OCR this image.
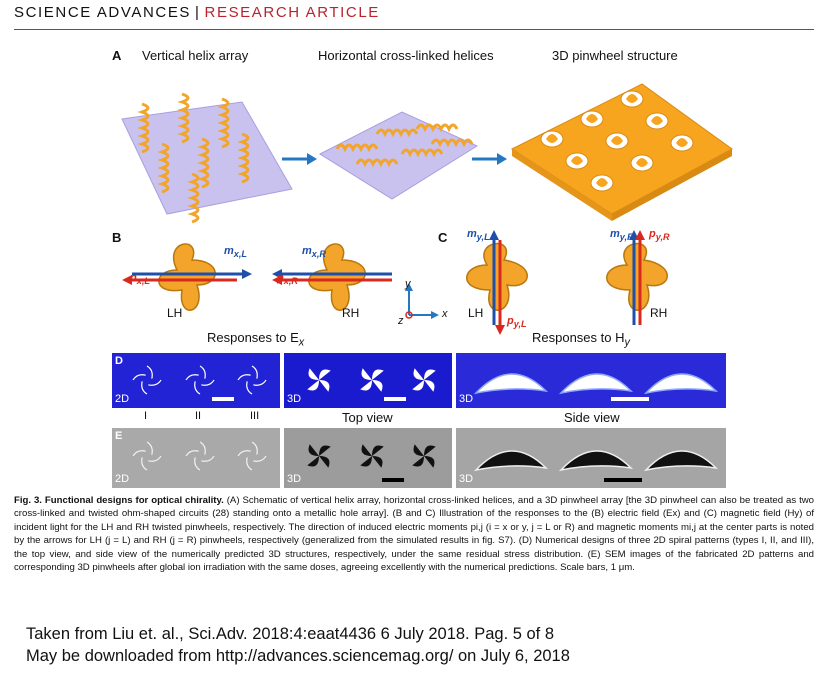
SCIENCE ADVANCES | RESEARCH ARTICLE
A Vertical helix array	Horizontal cross-linked helices	3D pinwheel structure
B
$m_{x,L}$
$p_{x,L}$
$m_{x,R}$
$p_{x,R}$
LH	RH
Responses to $E_x$
y
z
x
C $m_{y,L}$
$p_{y,L}$
$m_{y,R}$ $p_{y,R}$
LH	RH
Responses to $H_y$
D
2D	3D	3D
I	II	III	Top view	Side view
E
2D	3D	3D
Fig. 3. Functional designs for optical chirality. (A) Schematic of vertical helix array, horizontal cross-linked helices, and a 3D pinwheel array [the 3D pinwheel can also be treated as two cross-linked and twisted ohm-shaped circuits (28) standing onto a metallic hole array]. (B and C) Illustration of the responses to the (B) electric field (Ex) and (C) magnetic field (Hy) of incident light for the LH and RH twisted pinwheels, respectively. The direction of induced electric moments pi,j (i = x or y, j = L or R) and magnetic moments mi,j at the center parts is noted by the arrows for LH (j = L) and RH (j = R) pinwheels, respectively (generalized from the simulated results in fig. S7). (D) Numerical designs of three 2D spiral patterns (types I, II, and III), the top view, and side view of the numerically predicted 3D structures, respectively, under the same residual stress distribution. (E) SEM images of the fabricated 2D patterns and corresponding 3D pinwheels after global ion irradiation with the same doses, agreeing excellently with the numerical predictions. Scale bars, 1 μm.
Taken from Liu et. al., Sci.Adv. 2018:4:eaat4436 6 July 2018. Pag. 5 of 8
May be downloaded from http://advances.sciencemag.org/ on July 6, 2018
